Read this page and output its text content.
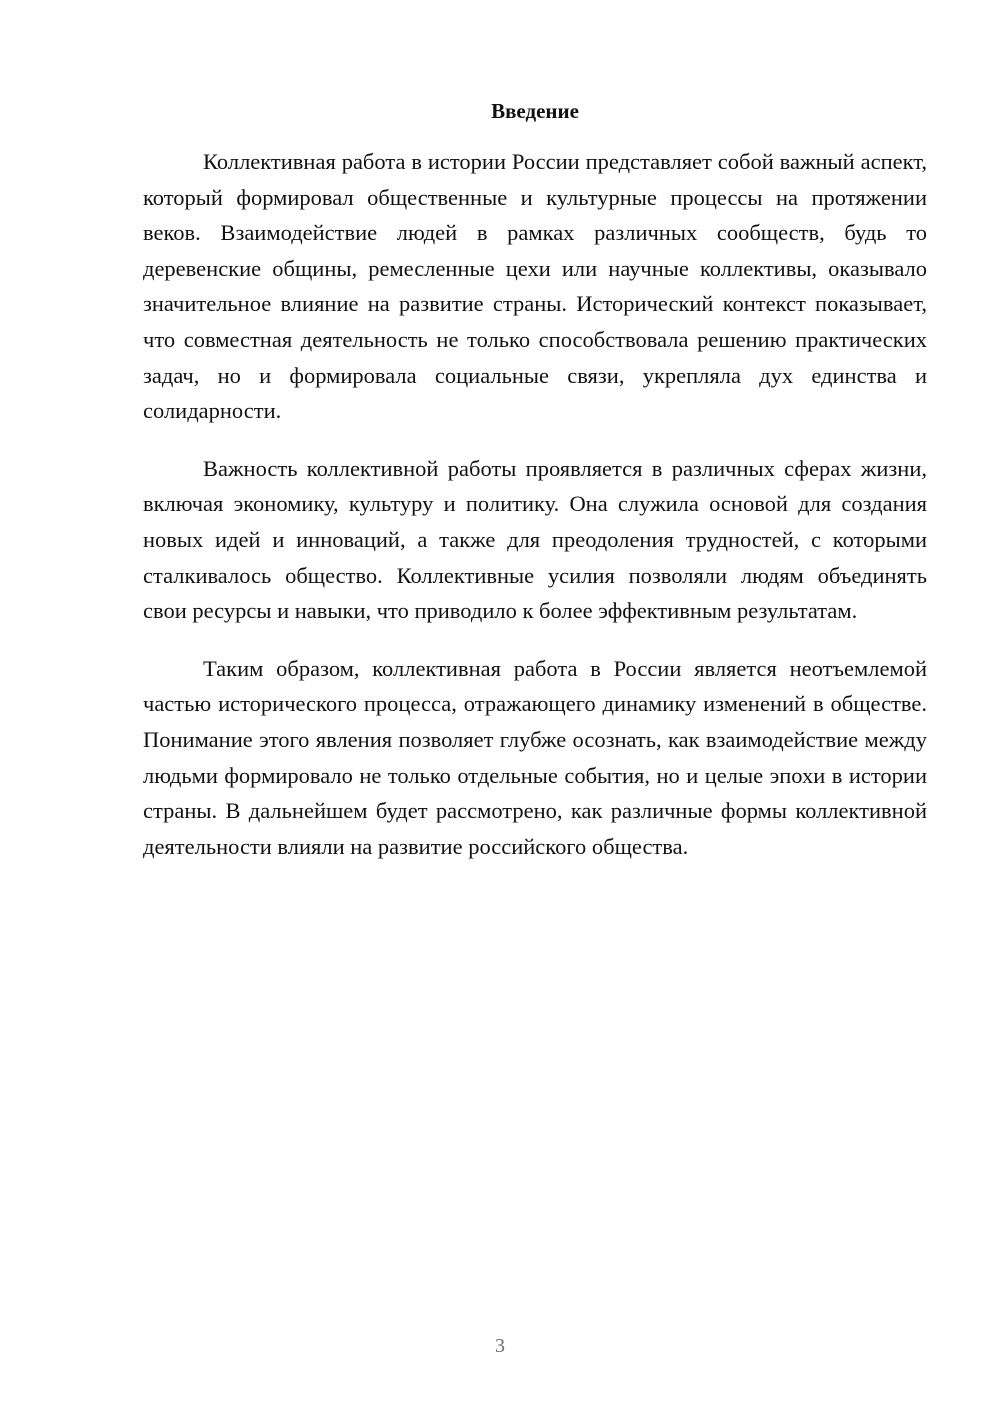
Введение

Коллективная работа в истории России представляет собой важный аспект, который формировал общественные и культурные процессы на протяжении веков. Взаимодействие людей в рамках различных сообществ, будь то деревенские общины, ремесленные цехи или научные коллективы, оказывало значительное влияние на развитие страны. Исторический контекст показывает, что совместная деятельность не только способствовала решению практических задач, но и формировала социальные связи, укрепляла дух единства и солидарности.

Важность коллективной работы проявляется в различных сферах жизни, включая экономику, культуру и политику. Она служила основой для создания новых идей и инноваций, а также для преодоления трудностей, с которыми сталкивалось общество. Коллективные усилия позволяли людям объединять свои ресурсы и навыки, что приводило к более эффективным результатам.

Таким образом, коллективная работа в России является неотъемлемой частью исторического процесса, отражающего динамику изменений в обществе. Понимание этого явления позволяет глубже осознать, как взаимодействие между людьми формировало не только отдельные события, но и целые эпохи в истории страны. В дальнейшем будет рассмотрено, как различные формы коллективной деятельности влияли на развитие российского общества.

3
